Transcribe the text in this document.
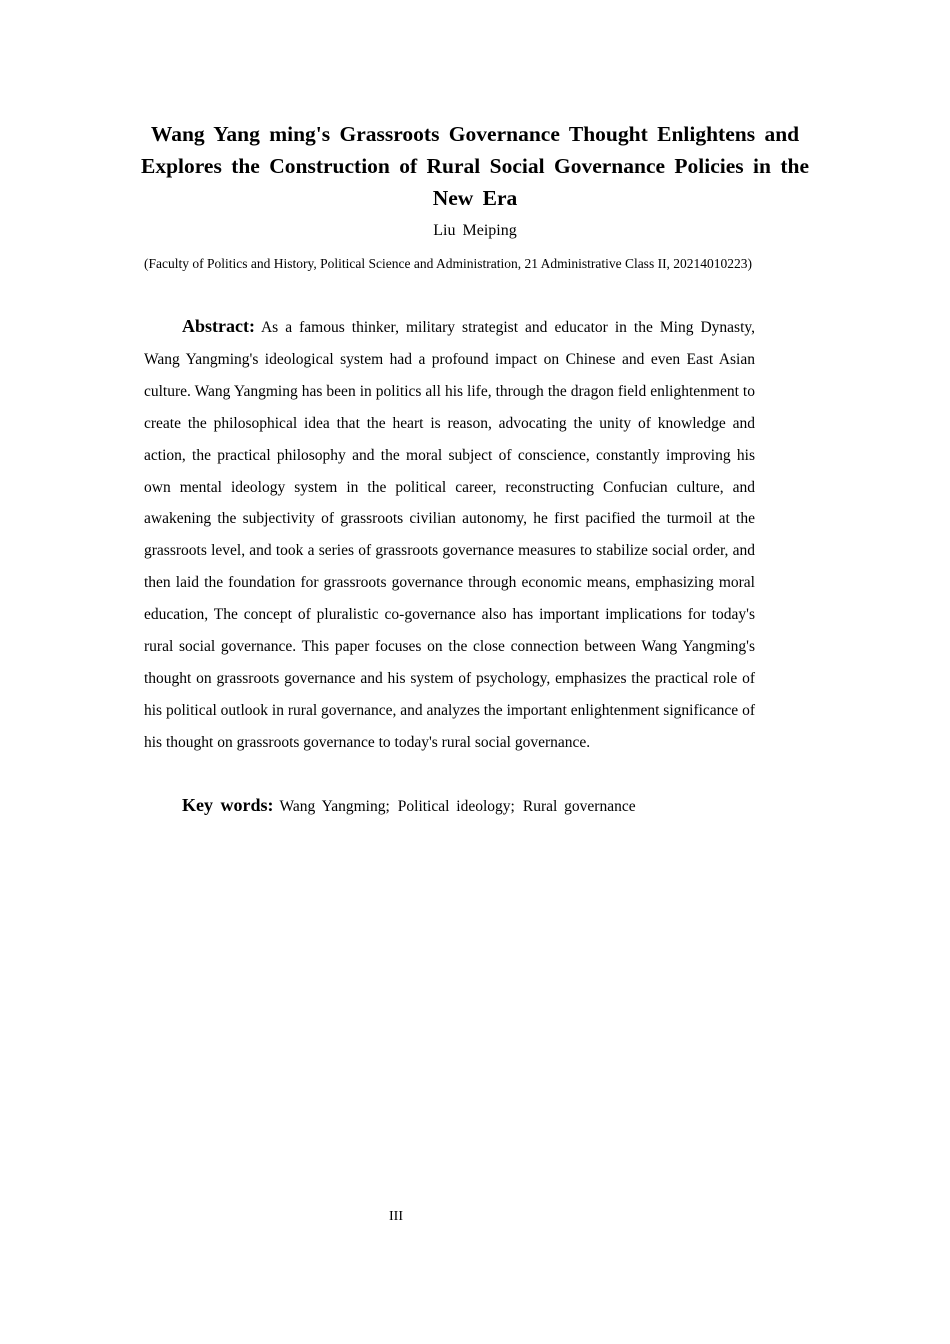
Wang Yang ming's Grassroots Governance Thought Enlightens and Explores the Construction of Rural Social Governance Policies in the New Era

Liu Meiping

(Faculty of Politics and History, Political Science and Administration, 21 Administrative Class II, 20214010223)

Abstract: As a famous thinker, military strategist and educator in the Ming Dynasty, Wang Yangming's ideological system had a profound impact on Chinese and even East Asian culture. Wang Yangming has been in politics all his life, through the dragon field enlightenment to create the philosophical idea that the heart is reason, advocating the unity of knowledge and action, the practical philosophy and the moral subject of conscience, constantly improving his own mental ideology system in the political career, reconstructing Confucian culture, and awakening the subjectivity of grassroots civilian autonomy, he first pacified the turmoil at the grassroots level, and took a series of grassroots governance measures to stabilize social order, and then laid the foundation for grassroots governance through economic means, emphasizing moral education, The concept of pluralistic co-governance also has important implications for today's rural social governance. This paper focuses on the close connection between Wang Yangming's thought on grassroots governance and his system of psychology, emphasizes the practical role of his political outlook in rural governance, and analyzes the important enlightenment significance of his thought on grassroots governance to today's rural social governance.

Key words: Wang Yangming; Political ideology; Rural governance

III
